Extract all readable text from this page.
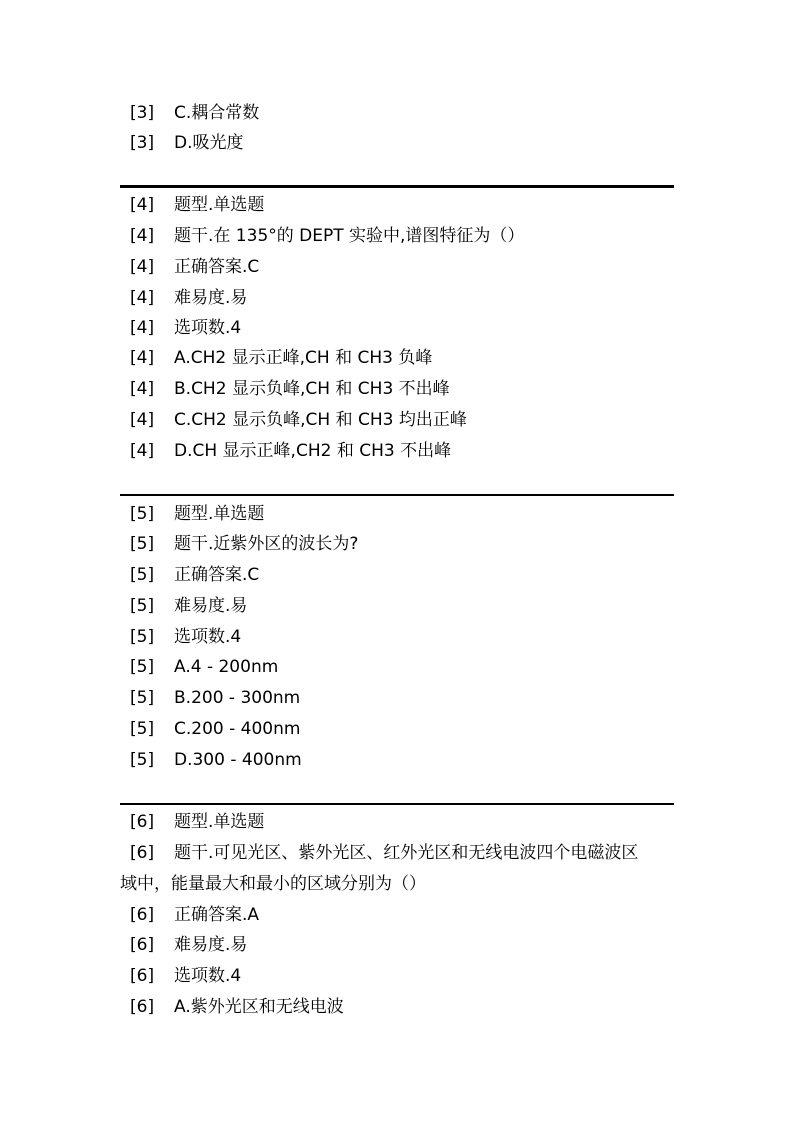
[3] C.耦合常数
[3] D.吸光度
[4] 题型.单选题
[4] 题干.在 135°的 DEPT 实验中,谱图特征为（）
[4] 正确答案.C
[4] 难易度.易
[4] 选项数.4
[4] A.CH2 显示正峰,CH 和 CH3 负峰
[4] B.CH2 显示负峰,CH 和 CH3 不出峰
[4] C.CH2 显示负峰,CH 和 CH3 均出正峰
[4] D.CH 显示正峰,CH2 和 CH3 不出峰
[5] 题型.单选题
[5] 题干.近紫外区的波长为?
[5] 正确答案.C
[5] 难易度.易
[5] 选项数.4
[5] A.4 - 200nm
[5] B.200 - 300nm
[5] C.200 - 400nm
[5] D.300 - 400nm
[6] 题型.单选题
[6] 题干.可见光区、紫外光区、红外光区和无线电波四个电磁波区
域中，能量最大和最小的区域分别为（）
[6] 正确答案.A
[6] 难易度.易
[6] 选项数.4
[6] A.紫外光区和无线电波
